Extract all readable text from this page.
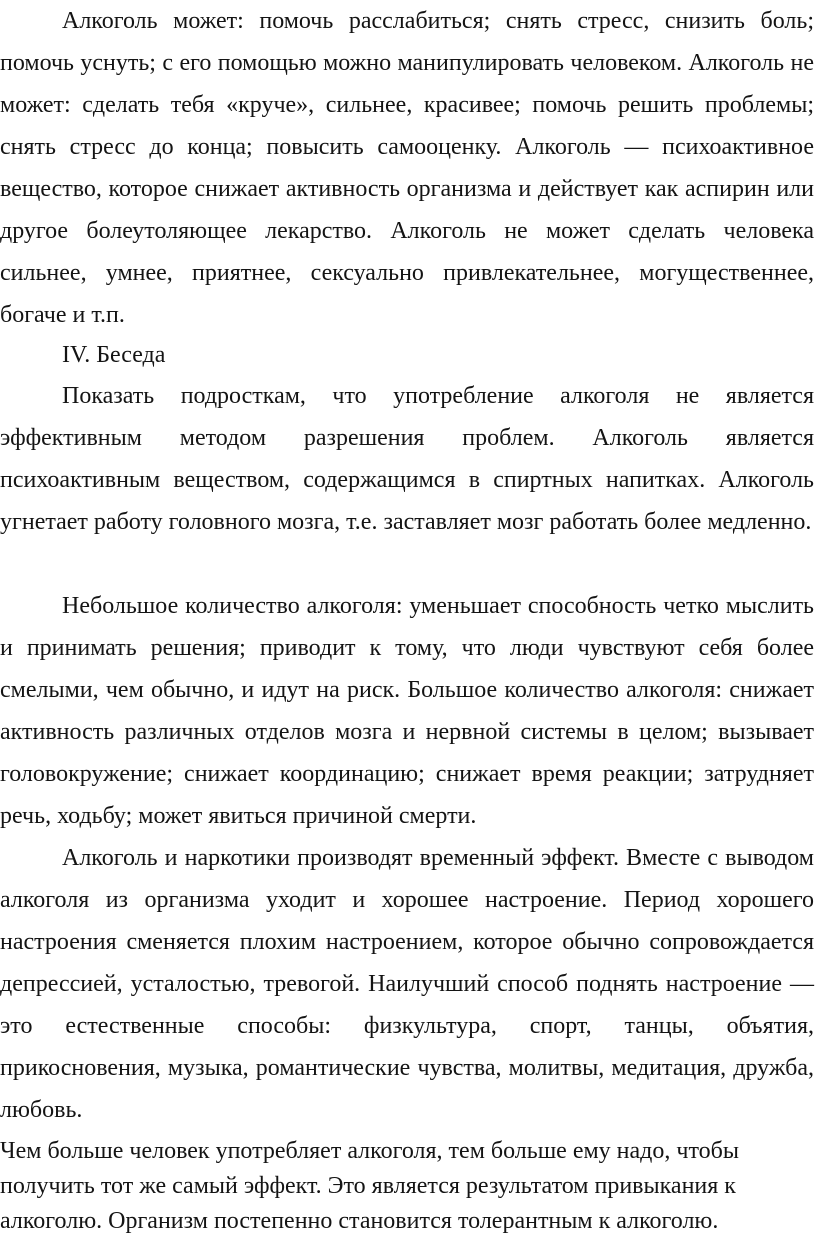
Алкоголь может: помочь расслабиться; снять стресс, снизить боль; помочь уснуть; с его помощью можно манипулировать человеком. Алкоголь не может: сделать тебя «круче», сильнее, красивее; помочь решить проблемы; снять стресс до конца; повысить самооценку. Алкоголь — психоактивное вещество, которое снижает активность организма и действует как аспирин или другое болеутоляющее лекарство. Алкоголь не может сделать человека сильнее, умнее, приятнее, сексуально привлекательнее, могущественнее, богаче и т.п.

IV. Беседа

Показать подросткам, что употребление алкоголя не является эффективным методом разрешения проблем. Алкоголь является психоактивным веществом, содержащимся в спиртных напитках. Алкоголь угнетает работу головного мозга, т.е. заставляет мозг работать более медленно.

Небольшое количество алкоголя: уменьшает способность четко мыслить и принимать решения; приводит к тому, что люди чувствуют себя более смелыми, чем обычно, и идут на риск. Большое количество алкоголя: снижает активность различных отделов мозга и нервной системы в целом; вызывает головокружение; снижает координацию; снижает время реакции; затрудняет речь, ходьбу; может явиться причиной смерти.

Алкоголь и наркотики производят временный эффект. Вместе с выводом алкоголя из организма уходит и хорошее настроение. Период хорошего настроения сменяется плохим настроением, которое обычно сопровождается депрессией, усталостью, тревогой. Наилучший способ поднять настроение — это естественные способы: физкультура, спорт, танцы, объятия, прикосновения, музыка, романтические чувства, молитвы, медитация, дружба, любовь.

Чем больше человек употребляет алкоголя, тем больше ему надо, чтобы получить тот же самый эффект. Это является результатом привыкания к алкоголю. Организм постепенно становится толерантным к алкоголю.
